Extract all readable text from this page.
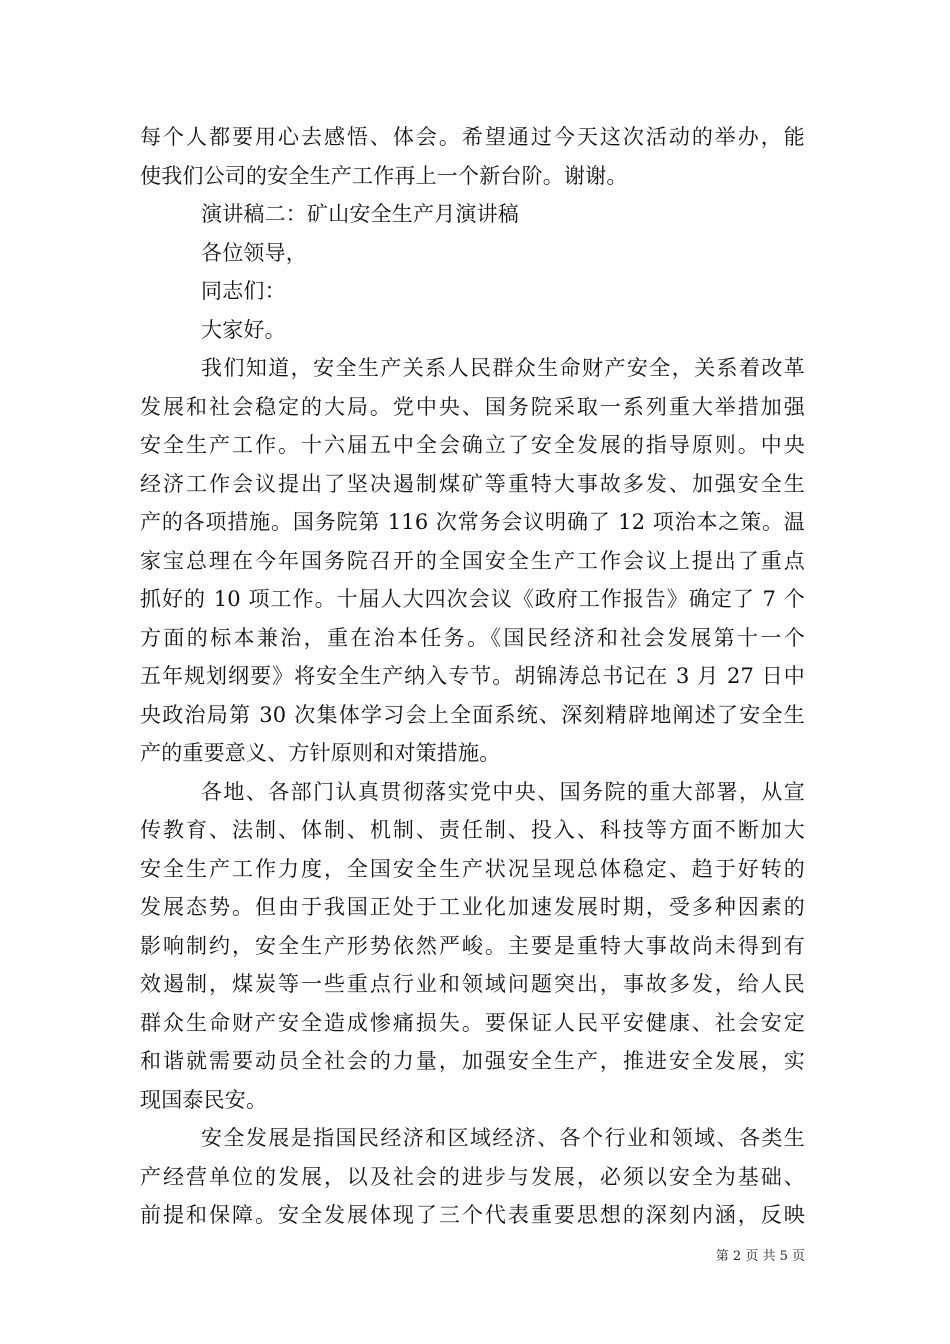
每个人都要用心去感悟、体会。希望通过今天这次活动的举办，能
使我们公司的安全生产工作再上一个新台阶。谢谢。
演讲稿二：矿山安全生产月演讲稿
各位领导，
同志们：
大家好。
我们知道，安全生产关系人民群众生命财产安全，关系着改革
发展和社会稳定的大局。党中央、国务院采取一系列重大举措加强
安全生产工作。十六届五中全会确立了安全发展的指导原则。中央
经济工作会议提出了坚决遏制煤矿等重特大事故多发、加强安全生
产的各项措施。国务院第 116 次常务会议明确了 12 项治本之策。温
家宝总理在今年国务院召开的全国安全生产工作会议上提出了重点
抓好的 10 项工作。十届人大四次会议《政府工作报告》确定了 7 个
方面的标本兼治，重在治本任务。《国民经济和社会发展第十一个
五年规划纲要》将安全生产纳入专节。胡锦涛总书记在 3 月 27 日中
央政治局第 30 次集体学习会上全面系统、深刻精辟地阐述了安全生
产的重要意义、方针原则和对策措施。
各地、各部门认真贯彻落实党中央、国务院的重大部署，从宣
传教育、法制、体制、机制、责任制、投入、科技等方面不断加大
安全生产工作力度，全国安全生产状况呈现总体稳定、趋于好转的
发展态势。但由于我国正处于工业化加速发展时期，受多种因素的
影响制约，安全生产形势依然严峻。主要是重特大事故尚未得到有
效遏制，煤炭等一些重点行业和领域问题突出，事故多发，给人民
群众生命财产安全造成惨痛损失。要保证人民平安健康、社会安定
和谐就需要动员全社会的力量，加强安全生产，推进安全发展，实
现国泰民安。
安全发展是指国民经济和区域经济、各个行业和领域、各类生
产经营单位的发展，以及社会的进步与发展，必须以安全为基础、
前提和保障。安全发展体现了三个代表重要思想的深刻内涵，反映
第 2 页 共 5 页
